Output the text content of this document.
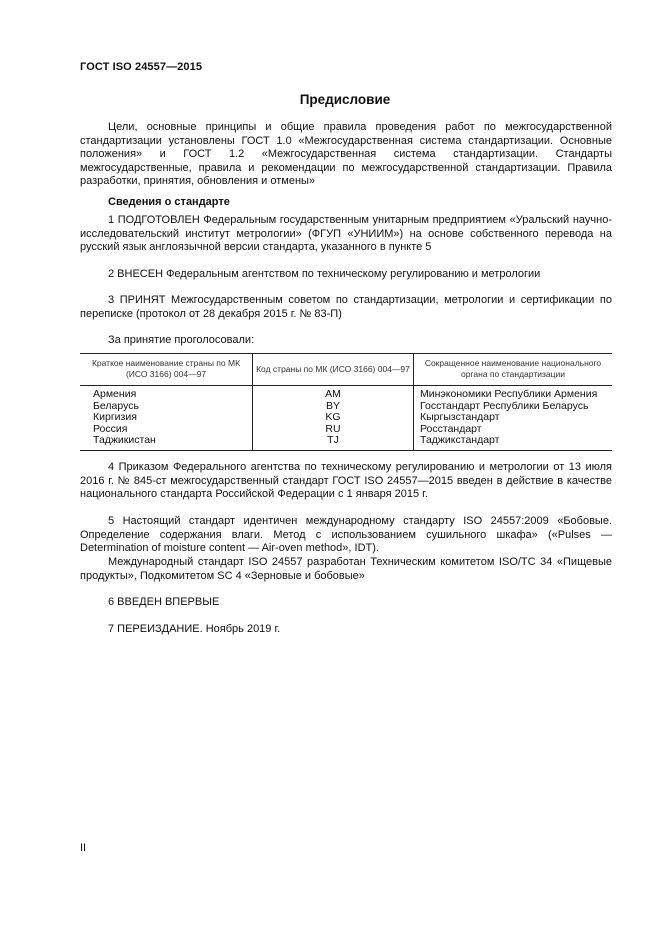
ГОСТ ISO 24557—2015
Предисловие
Цели, основные принципы и общие правила проведения работ по межгосударственной стандартизации установлены ГОСТ 1.0 «Межгосударственная система стандартизации. Основные положения» и ГОСТ 1.2 «Межгосударственная система стандартизации. Стандарты межгосударственные, правила и рекомендации по межгосударственной стандартизации. Правила разработки, принятия, обновления и отмены»
Сведения о стандарте
1 ПОДГОТОВЛЕН Федеральным государственным унитарным предприятием «Уральский научно-исследовательский институт метрологии» (ФГУП «УНИИМ») на основе собственного перевода на русский язык англоязычной версии стандарта, указанного в пункте 5
2 ВНЕСЕН Федеральным агентством по техническому регулированию и метрологии
3 ПРИНЯТ Межгосударственным советом по стандартизации, метрологии и сертификации по переписке (протокол от 28 декабря 2015 г. № 83-П)
За принятие проголосовали:
Краткое наименование страны по МК (ИСО 3166) 004—97	Код страны по МК (ИСО 3166) 004—97	Сокращенное наименование национального органа по стандартизации
Армения	AM	Минэкономики Республики Армения
Беларусь	BY	Госстандарт Республики Беларусь
Киргизия	KG	Кыргызстандарт
Россия	RU	Росстандарт
Таджикистан	TJ	Таджикстандарт
4 Приказом Федерального агентства по техническому регулированию и метрологии от 13 июля 2016 г. № 845-ст межгосударственный стандарт ГОСТ ISO 24557—2015 введен в действие в качестве национального стандарта Российской Федерации с 1 января 2015 г.
5 Настоящий стандарт идентичен международному стандарту ISO 24557:2009 «Бобовые. Определение содержания влаги. Метод с использованием сушильного шкафа» («Pulses — Determination of moisture content — Air-oven method», IDT).
Международный стандарт ISO 24557 разработан Техническим комитетом ISO/TC 34 «Пищевые продукты», Подкомитетом SC 4 «Зерновые и бобовые»
6 ВВЕДЕН ВПЕРВЫЕ
7 ПЕРЕИЗДАНИЕ. Ноябрь 2019 г.
II
